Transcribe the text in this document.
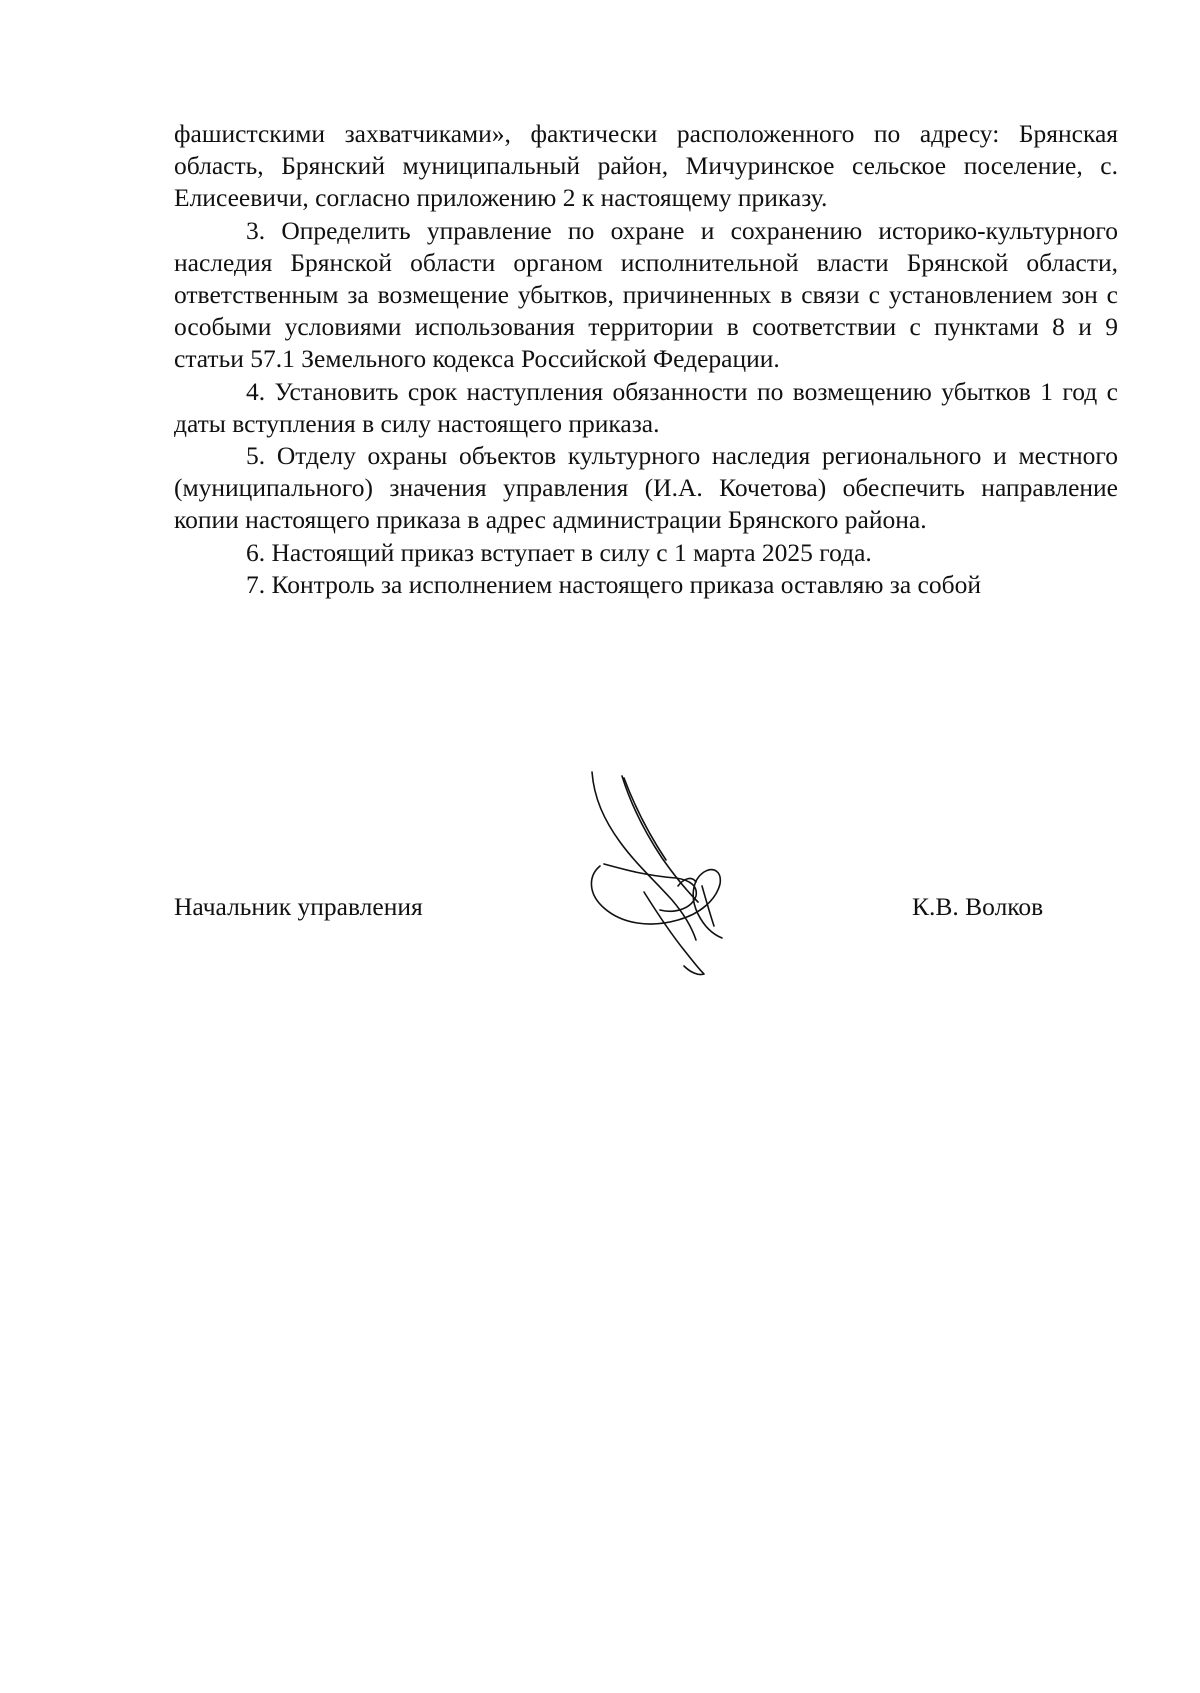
фашистскими захватчиками», фактически расположенного по адресу: Брянская область, Брянский муниципальный район, Мичуринское сельское поселение, с. Елисеевичи, согласно приложению 2 к настоящему приказу.

3. Определить управление по охране и сохранению историко-культурного наследия Брянской области органом исполнительной власти Брянской области, ответственным за возмещение убытков, причиненных в связи с установлением зон с особыми условиями использования территории в соответствии с пунктами 8 и 9 статьи 57.1 Земельного кодекса Российской Федерации.

4. Установить срок наступления обязанности по возмещению убытков 1 год с даты вступления в силу настоящего приказа.

5. Отделу охраны объектов культурного наследия регионального и местного (муниципального) значения управления (И.А. Кочетова) обеспечить направление копии настоящего приказа в адрес администрации Брянского района.

6. Настоящий приказ вступает в силу с 1 марта 2025 года.

7. Контроль за исполнением настоящего приказа оставляю за собой

Начальник управления	К.В. Волков
